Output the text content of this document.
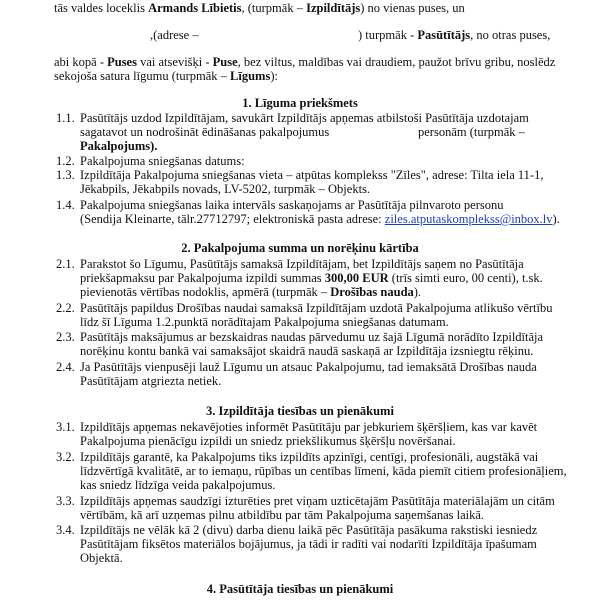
tās valdes loceklis Armands Lībietis, (turpmāk – Izpildītājs) no vienas puses, un
,(adrese –	) turpmāk - Pasūtītājs, no otras puses,
abi kopā - Puses vai atsevišķi - Puse, bez viltus, maldības vai draudiem, paužot brīvu gribu, noslēdz
sekojoša satura līgumu (turpmāk – Līgums):
1. Līguma priekšmets
1.1. Pasūtītājs uzdod Izpildītājam, savukārt Izpildītājs apņemas atbilstoši Pasūtītāja uzdotajam
sagatavot un nodrošināt ēdināšanas pakalpojumus	personām (turpmāk –
Pakalpojums).
1.2. Pakalpojuma sniegšanas datums:
1.3. Izpildītāja Pakalpojuma sniegšanas vieta – atpūtas komplekss "Zīles", adrese: Tilta iela 11-1,
Jēkabpils, Jēkabpils novads, LV-5202, turpmāk – Objekts.
1.4. Pakalpojuma sniegšanas laika intervāls saskaņojams ar Pasūtītāja pilnvaroto personu
(Sendija Kleinarte, tālr.27712797; elektroniskā pasta adrese: ziles.atputaskomplekss@inbox.lv).
2. Pakalpojuma summa un norēķinu kārtība
2.1. Parakstot šo Līgumu, Pasūtītājs samaksā Izpildītājam, bet Izpildītājs saņem no Pasūtītāja
priekšapmaksu par Pakalpojuma izpildi summas 300,00 EUR (trīs simti euro, 00 centi), t.sk.
pievienotās vērtības nodoklis, apmērā (turpmāk – Drošības nauda).
2.2. Pasūtītājs papildus Drošības naudai samaksā Izpildītājam uzdotā Pakalpojuma atlikušo vērtību
līdz šī Līguma 1.2.punktā norādītajam Pakalpojuma sniegšanas datumam.
2.3. Pasūtītājs maksājumus ar bezskaidras naudas pārvedumu uz šajā Līgumā norādīto Izpildītāja
norēķinu kontu bankā vai samaksājot skaidrā naudā saskaņā ar Izpildītāja izsniegtu rēķinu.
2.4. Ja Pasūtītājs vienpusēji lauž Līgumu un atsauc Pakalpojumu, tad iemaksātā Drošības nauda
Pasūtītājam atgriezta netiek.
3. Izpildītāja tiesības un pienākumi
3.1. Izpildītājs apņemas nekavējoties informēt Pasūtītāju par jebkuriem šķēršļiem, kas var kavēt
Pakalpojuma pienācīgu izpildi un sniedz priekšlikumus šķēršļu novēršanai.
3.2. Izpildītājs garantē, ka Pakalpojums tiks izpildīts apzinīgi, centīgi, profesionāli, augstākā vai
līdzvērtīgā kvalitātē, ar to iemaņu, rūpības un centības līmeni, kāda piemīt citiem profesionāļiem,
kas sniedz līdzīga veida pakalpojumus.
3.3. Izpildītājs apņemas saudzīgi izturēties pret viņam uzticētajām Pasūtītāja materiālajām un citām
vērtībām, kā arī uzņemas pilnu atbildību par tām Pakalpojuma saņemšanas laikā.
3.4. Izpildītājs ne vēlāk kā 2 (divu) darba dienu laikā pēc Pasūtītāja pasākuma rakstiski iesniedz
Pasūtītājam fiksētos materiālos bojājumus, ja tādi ir radīti vai nodarīti Izpildītāja īpašumam
Objektā.
4. Pasūtītāja tiesības un pienākumi
